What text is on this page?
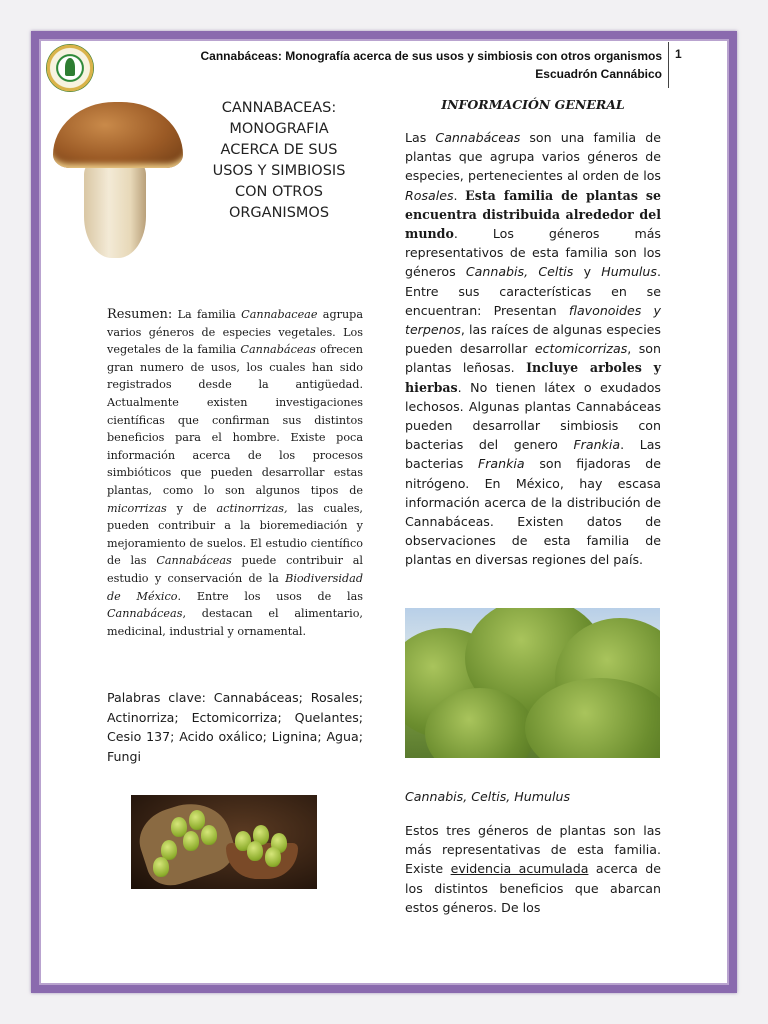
Cannabáceas: Monografía acerca de sus usos y simbiosis con otros organismos
Escuadrón Cannábico
1
CANNABACEAS: MONOGRAFIA ACERCA DE SUS USOS Y SIMBIOSIS CON OTROS ORGANISMOS

Resumen: La familia Cannabaceae agrupa varios géneros de especies vegetales. Los vegetales de la familia Cannabáceas ofrecen gran numero de usos, los cuales han sido registrados desde la antigüedad. Actualmente existen investigaciones científicas que confirman sus distintos beneficios para el hombre. Existe poca información acerca de los procesos simbióticos que pueden desarrollar estas plantas, como lo son algunos tipos de micorrizas y de actinorrizas, las cuales, pueden contribuir a la bioremediación y mejoramiento de suelos. El estudio científico de las Cannabáceas puede contribuir al estudio y conservación de la Biodiversidad de México. Entre los usos de las Cannabáceas, destacan el alimentario, medicinal, industrial y ornamental.

Palabras clave: Cannabáceas; Rosales; Actinorriza; Ectomicorriza; Quelantes; Cesio 137; Acido oxálico; Lignina; Agua; Fungi

INFORMACIÓN GENERAL

Las Cannabáceas son una familia de plantas que agrupa varios géneros de especies, pertenecientes al orden de los Rosales. Esta familia de plantas se encuentra distribuida alrededor del mundo. Los géneros más representativos de esta familia son los géneros Cannabis, Celtis y Humulus. Entre sus características en se encuentran: Presentan flavonoides y terpenos, las raíces de algunas especies pueden desarrollar ectomicorrizas, son plantas leñosas. Incluye arboles y hierbas. No tienen látex o exudados lechosos. Algunas plantas Cannabáceas pueden desarrollar simbiosis con bacterias del genero Frankia. Las bacterias Frankia son fijadoras de nitrógeno. En México, hay escasa información acerca de la distribución de Cannabáceas. Existen datos de observaciones de esta familia de plantas en diversas regiones del país.

Cannabis, Celtis, Humulus

Estos tres géneros de plantas son las más representativas de esta familia. Existe evidencia acumulada acerca de los distintos beneficios que abarcan estos géneros. De los
